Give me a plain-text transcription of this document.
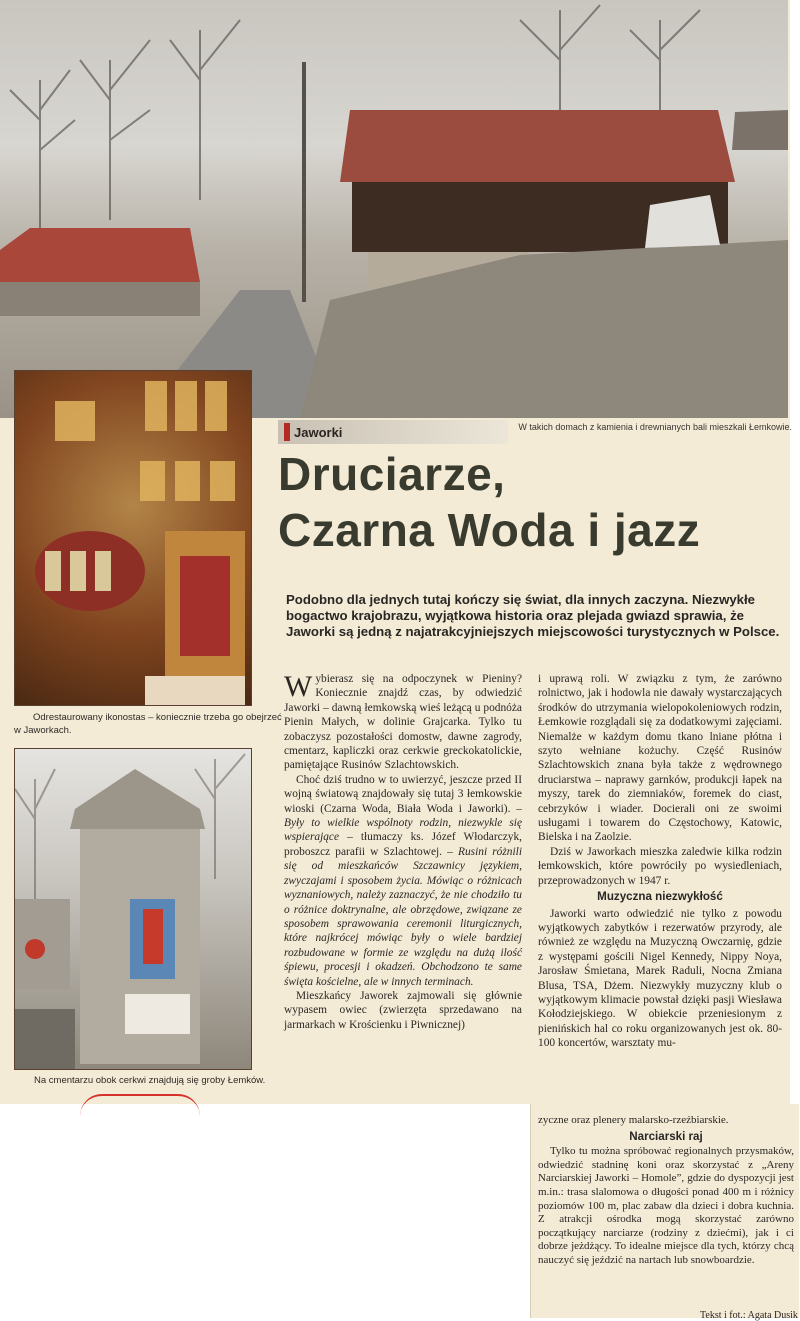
Odrestaurowany ikonostas – koniecznie trzeba go obejrzeć
w Jaworkach.
Na cmentarzu obok cerkwi znajdują się groby Łemków.
W takich domach z kamienia i drewnianych bali mieszkali Łemkowie.
Jaworki
Druciarze,
Czarna Woda i jazz
Podobno dla jednych tutaj kończy się świat, dla innych zaczyna. Niezwykłe bogactwo krajobrazu, wyjątkowa historia oraz plejada gwiazd sprawia, że Jaworki są jedną z najatrakcyjniejszych miejscowości turystycznych w Polsce.

Wybierasz się na odpoczynek w Pieniny? Koniecznie znajdź czas, by odwiedzić Jaworki – dawną łemkowską wieś leżącą u podnóża Pienin Małych, w dolinie Grajcarka. Tylko tu zobaczysz pozostałości domostw, dawne zagrody, cmentarz, kapliczki oraz cerkwie greckokatolickie, pamiętające Rusinów Szlachtowskich.

Choć dziś trudno w to uwierzyć, jeszcze przed II wojną światową znajdowały się tutaj 3 łemkowskie wioski (Czarna Woda, Biała Woda i Jaworki). – Były to wielkie wspólnoty rodzin, niezwykle się wspierające – tłumaczy ks. Józef Włodarczyk, proboszcz parafii w Szlachtowej. – Rusini różnili się od mieszkańców Szczawnicy językiem, zwyczajami i sposobem życia. Mówiąc o różnicach wyznaniowych, należy zaznaczyć, że nie chodziło tu o różnice doktrynalne, ale obrzędowe, związane ze sposobem sprawowania ceremonii liturgicznych, które najkrócej mówiąc były o wiele bardziej rozbudowane w formie ze względu na dużą ilość śpiewu, procesji i okadzeń. Obchodzono te same święta kościelne, ale w innych terminach.

Mieszkańcy Jaworek zajmowali się głównie wypasem owiec (zwierzęta sprzedawano na jarmarkach w Krościenku i Piwnicznej)

i uprawą roli. W związku z tym, że zarówno rolnictwo, jak i hodowla nie dawały wystarczających środków do utrzymania wielopokoleniowych rodzin, Łemkowie rozglądali się za dodatkowymi zajęciami. Niemalże w każdym domu tkano lniane płótna i szyto wełniane kożuchy. Część Rusinów Szlachtowskich znana była także z wędrownego druciarstwa – naprawy garnków, produkcji łapek na myszy, tarek do ziemniaków, foremek do ciast, cebrzyków i wiader. Docierali oni ze swoimi usługami i towarem do Częstochowy, Katowic, Bielska i na Zaolzie.

Dziś w Jaworkach mieszka zaledwie kilka rodzin łemkowskich, które powróciły po wysiedleniach, przeprowadzonych w 1947 r.

Muzyczna niezwykłość

Jaworki warto odwiedzić nie tylko z powodu wyjątkowych zabytków i rezerwatów przyrody, ale również ze względu na Muzyczną Owczarnię, gdzie z występami gościli Nigel Kennedy, Nippy Noya, Jarosław Śmietana, Marek Raduli, Nocna Zmiana Blusa, TSA, Dżem. Niezwykły muzyczny klub o wyjątkowym klimacie powstał dzięki pasji Wiesława Kołodziejskiego. W obiekcie przeniesionym z pienińskich hal co roku organizowanych jest ok. 80-100 koncertów, warsztaty mu-

zyczne oraz plenery malarsko-rzeźbiarskie.

Narciarski raj

Tylko tu można spróbować regionalnych przysmaków, odwiedzić stadninę koni oraz skorzystać z „Areny Narciarskiej Jaworki – Homole”, gdzie do dyspozycji jest m.in.: trasa slalomowa o długości ponad 400 m i różnicy poziomów 100 m, plac zabaw dla dzieci i dobra kuchnia. Z atrakcji ośrodka mogą skorzystać zarówno początkujący narciarze (rodziny z dziećmi), jak i ci dobrze jeżdżący. To idealne miejsce dla tych, którzy chcą nauczyć się jeździć na nartach lub snowboardzie.

Tekst i fot.: Agata Dusik
